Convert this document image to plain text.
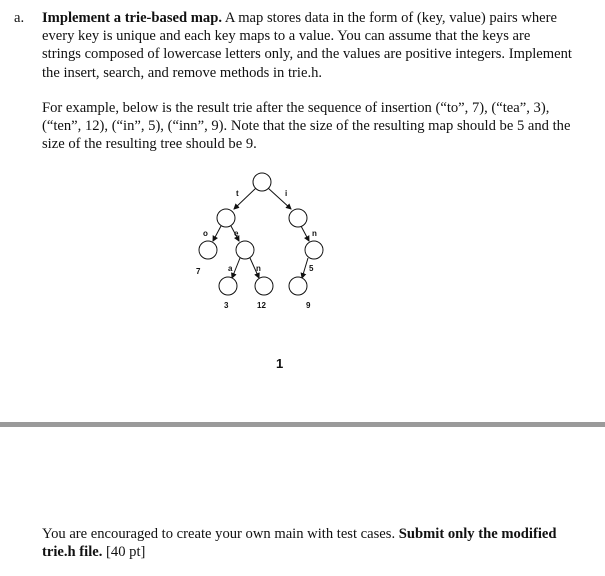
a. Implement a trie-based map. A map stores data in the form of (key, value) pairs where every key is unique and each key maps to a value. You can assume that the keys are strings composed of lowercase letters only, and the values are positive integers. Implement the insert, search, and remove methods in trie.h.

For example, below is the result trie after the sequence of insertion (“to”, 7), (“tea”, 3), (“ten”, 12), (“in”, 5), (“inn”, 9). Note that the size of the resulting map should be 5 and the size of the resulting tree should be 9.

t	i
o	e
a	n
n
7
3	12
5
9
1

You are encouraged to create your own main with test cases. Submit only the modified trie.h file. [40 pt]
